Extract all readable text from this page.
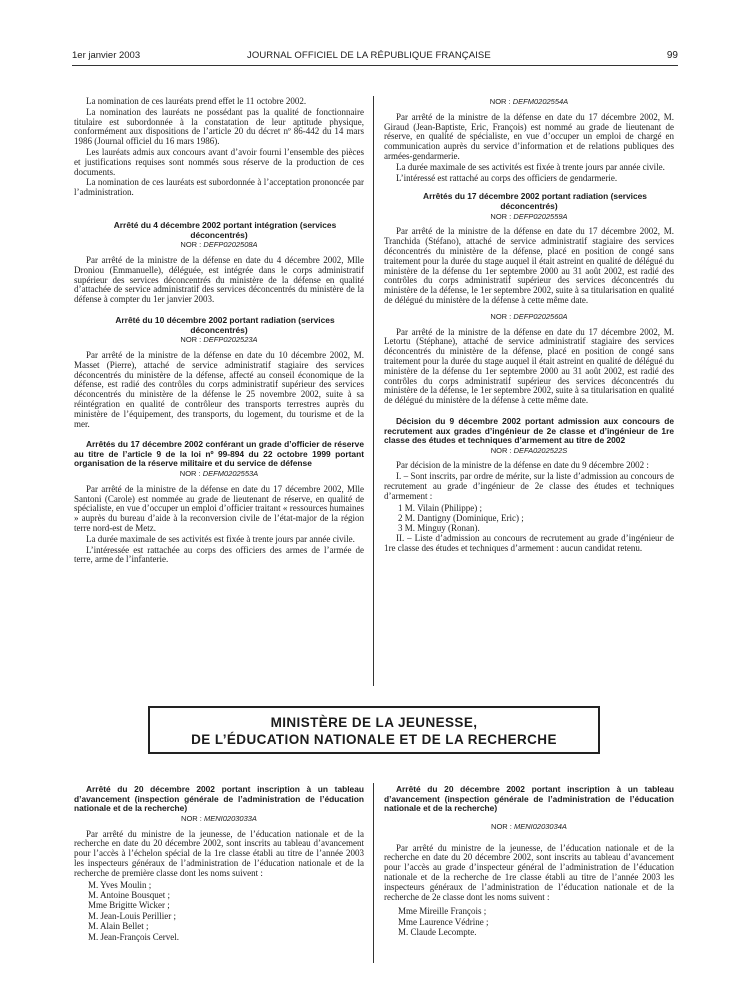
1er janvier 2003	JOURNAL OFFICIEL DE LA RÉPUBLIQUE FRANÇAISE	99

La nomination de ces lauréats prend effet le 11 octobre 2002.

La nomination des lauréats ne possédant pas la qualité de fonctionnaire titulaire est subordonnée à la constatation de leur aptitude physique, conformément aux dispositions de l’article 20 du décret nº 86-442 du 14 mars 1986 (Journal officiel du 16 mars 1986).

Les lauréats admis aux concours avant d’avoir fourni l’ensemble des pièces et justifications requises sont nommés sous réserve de la production de ces documents.

La nomination de ces lauréats est subordonnée à l’acceptation prononcée par l’administration.

Arrêté du 4 décembre 2002 portant intégration (services déconcentrés)

NOR : DEFP0202508A

Par arrêté de la ministre de la défense en date du 4 décembre 2002, Mlle Droniou (Emmanuelle), déléguée, est intégrée dans le corps administratif supérieur des services déconcentrés du ministère de la défense en qualité d’attachée de service administratif des services déconcentrés du ministère de la défense à compter du 1er janvier 2003.

Arrêté du 10 décembre 2002 portant radiation (services déconcentrés)

NOR : DEFP0202523A

Par arrêté de la ministre de la défense en date du 10 décembre 2002, M. Masset (Pierre), attaché de service administratif stagiaire des services déconcentrés du ministère de la défense, affecté au conseil économique de la défense, est radié des contrôles du corps administratif supérieur des services déconcentrés du ministère de la défense le 25 novembre 2002, suite à sa réintégration en qualité de contrôleur des transports terrestres auprès du ministère de l’équipement, des transports, du logement, du tourisme et de la mer.

Arrêtés du 17 décembre 2002 conférant un grade d’officier de réserve au titre de l’article 9 de la loi nº 99-894 du 22 octobre 1999 portant organisation de la réserve militaire et du service de défense

NOR : DEFM0202553A

Par arrêté de la ministre de la défense en date du 17 décembre 2002, Mlle Santoni (Carole) est nommée au grade de lieutenant de réserve, en qualité de spécialiste, en vue d’occuper un emploi d’officier traitant « ressources humaines » auprès du bureau d’aide à la reconversion civile de l’état-major de la région terre nord-est de Metz.

La durée maximale de ses activités est fixée à trente jours par année civile.

L’intéressée est rattachée au corps des officiers des armes de l’armée de terre, arme de l’infanterie.

NOR : DEFM0202554A

Par arrêté de la ministre de la défense en date du 17 décembre 2002, M. Giraud (Jean-Baptiste, Eric, François) est nommé au grade de lieutenant de réserve, en qualité de spécialiste, en vue d’occuper un emploi de chargé en communication auprès du service d’information et de relations publiques des armées-gendarmerie.

La durée maximale de ses activités est fixée à trente jours par année civile.

L’intéressé est rattaché au corps des officiers de gendarmerie.

Arrêtés du 17 décembre 2002 portant radiation (services déconcentrés)

NOR : DEFP0202559A

Par arrêté de la ministre de la défense en date du 17 décembre 2002, M. Tranchida (Stéfano), attaché de service administratif stagiaire des services déconcentrés du ministère de la défense, placé en position de congé sans traitement pour la durée du stage auquel il était astreint en qualité de délégué du ministère de la défense du 1er septembre 2000 au 31 août 2002, est radié des contrôles du corps administratif supérieur des services déconcentrés du ministère de la défense, le 1er septembre 2002, suite à sa titularisation en qualité de délégué du ministère de la défense à cette même date.

NOR : DEFP0202560A

Par arrêté de la ministre de la défense en date du 17 décembre 2002, M. Letortu (Stéphane), attaché de service administratif stagiaire des services déconcentrés du ministère de la défense, placé en position de congé sans traitement pour la durée du stage auquel il était astreint en qualité de délégué du ministère de la défense du 1er septembre 2000 au 31 août 2002, est radié des contrôles du corps administratif supérieur des services déconcentrés du ministère de la défense, le 1er septembre 2002, suite à sa titularisation en qualité de délégué du ministère de la défense à cette même date.

Décision du 9 décembre 2002 portant admission aux concours de recrutement aux grades d’ingénieur de 2e classe et d’ingénieur de 1re classe des études et techniques d’armement au titre de 2002

NOR : DEFA0202522S

Par décision de la ministre de la défense en date du 9 décembre 2002 :

I. – Sont inscrits, par ordre de mérite, sur la liste d’admission au concours de recrutement au grade d’ingénieur de 2e classe des études et techniques d’armement :

1 M. Vilain (Philippe) ;
2 M. Dantigny (Dominique, Eric) ;
3 M. Minguy (Ronan).

II. – Liste d’admission au concours de recrutement au grade d’ingénieur de 1re classe des études et techniques d’armement : aucun candidat retenu.

MINISTÈRE DE LA JEUNESSE,
DE L’ÉDUCATION NATIONALE ET DE LA RECHERCHE

Arrêté du 20 décembre 2002 portant inscription à un tableau d’avancement (inspection générale de l’administration de l’éducation nationale et de la recherche)

NOR : MENI0203033A

Par arrêté du ministre de la jeunesse, de l’éducation nationale et de la recherche en date du 20 décembre 2002, sont inscrits au tableau d’avancement pour l’accès à l’échelon spécial de la 1re classe établi au titre de l’année 2003 les inspecteurs généraux de l’administration de l’éducation nationale et de la recherche de première classe dont les noms suivent :

M. Yves Moulin ;
M. Antoine Bousquet ;
Mme Brigitte Wicker ;
M. Jean-Louis Perillier ;
M. Alain Bellet ;
M. Jean-François Cervel.

Arrêté du 20 décembre 2002 portant inscription à un tableau d’avancement (inspection générale de l’administration de l’éducation nationale et de la recherche)

NOR : MENI0203034A

Par arrêté du ministre de la jeunesse, de l’éducation nationale et de la recherche en date du 20 décembre 2002, sont inscrits au tableau d’avancement pour l’accès au grade d’inspecteur général de l’administration de l’éducation nationale et de la recherche de 1re classe établi au titre de l’année 2003 les inspecteurs généraux de l’administration de l’éducation nationale et de la recherche de 2e classe dont les noms suivent :

Mme Mireille François ;
Mme Laurence Védrine ;
M. Claude Lecompte.
